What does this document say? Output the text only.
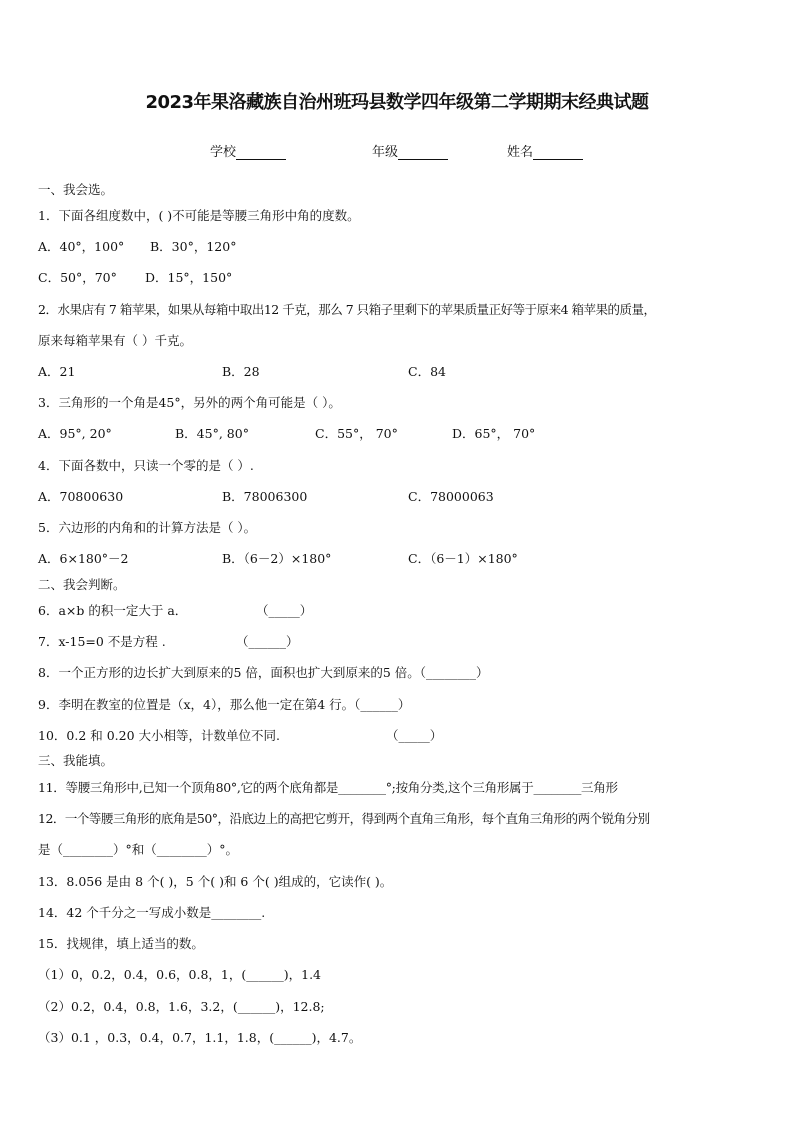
2023年果洛藏族自治州班玛县数学四年级第二学期期末经典试题
学校	年级	姓名
一、我会选。
1．下面各组度数中，( )不可能是等腰三角形中角的度数。
A．40°，100° B．30°，120°
C．50°，70° D．15°，150°
2．水果店有 7 箱苹果，如果从每箱中取出12 千克，那么 7 只箱子里剩下的苹果质量正好等于原来4 箱苹果的质量，
原来每箱苹果有（ ）千克。
A．21	B．28	C．84
3．三角形的一个角是45°，另外的两个角可能是（ ）。
A．95°, 20°	B．45°, 80°	C．55°， 70°	D．65°， 70°
4．下面各数中，只读一个零的是（ ）.
A．70800630	B．78006300	C．78000063
5．六边形的内角和的计算方法是（ ）。
A．6×180°－2	B．（6－2）×180°	C．（6－1）×180°
二、我会判断。
6．a×b 的积一定大于 a．	（_____）
7．x-15=0 不是方程 .	（______）
8．一个正方形的边长扩大到原来的5 倍，面积也扩大到原来的5 倍。（________）
9．李明在教室的位置是（x，4），那么他一定在第4 行。（______）
10．0.2 和 0.20 大小相等，计数单位不同.	（_____）
三、我能填。
11．等腰三角形中,已知一个顶角80°,它的两个底角都是________°;按角分类,这个三角形属于________三角形
12．一个等腰三角形的底角是50°，沿底边上的高把它剪开，得到两个直角三角形，每个直角三角形的两个锐角分别
是（________）°和（________）°。
13．8.056 是由 8 个( )，5 个( )和 6 个( )组成的，它读作( )。
14．42 个千分之一写成小数是________.
15．找规律，填上适当的数。
（1）0，0.2，0.4，0.6，0.8，1，(______)，1.4
（2）0.2，0.4，0.8，1.6，3.2，(______)，12.8;
（3）0.1 ，0.3，0.4，0.7，1.1，1.8，(______)，4.7。
